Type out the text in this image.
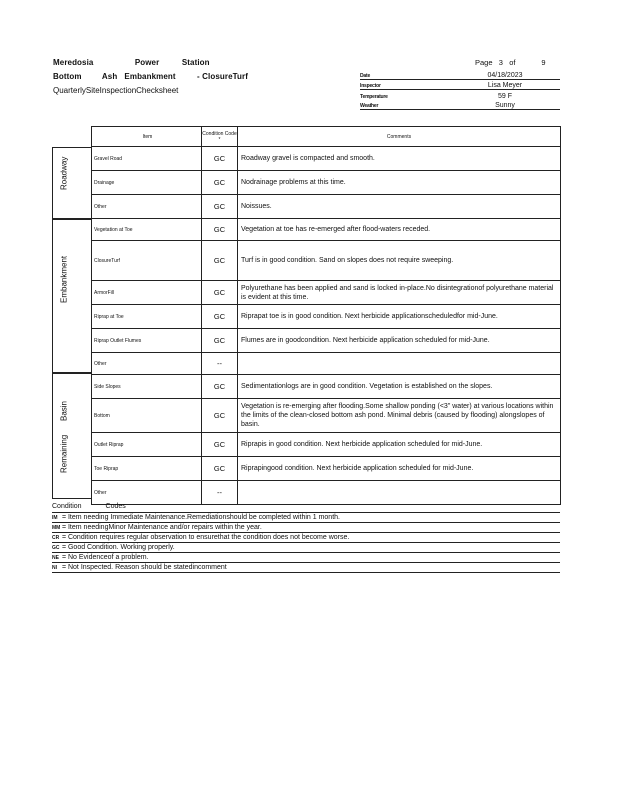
Meredosia	Power	Station
Bottom	Ash Embankment	- ClosureTurf
QuarterlySiteInspectionChecksheet
Page 3 of	9
Date	04/18/2023
Inspector	Lisa Meyer
Temperature	59 F
Weather	Sunny
Roadway
Embankment
Basin
Remaining
Item	Condition Code *	Comments
Gravel Road	GC	Roadway gravel is compacted and smooth.
Drainage	GC	Nodrainage problems at this time.
Other	GC	Noissues.
Vegetation at Toe	GC	Vegetation at toe has re-emerged after flood-waters receded.
ClosureTurf	GC	Turf is in good condition. Sand on slopes does not require sweeping.
ArmorFill	GC	Polyurethane has been applied and sand is locked in-place.No disintegrationof polyurethane material is evident at this time.
Riprap at Toe	GC	Riprapat toe is in good condition. Next herbicide applicationscheduledfor mid-June.
Riprap Outlet Flumes	GC	Flumes are in goodcondition. Next herbicide application scheduled for mid-June.
Other	--	
Side Slopes	GC	Sedimentationlogs are in good condition. Vegetation is established on the slopes.
Bottom	GC	Vegetation is re-emerging after flooding.Some shallow ponding (<3" water) at various locations within the limits of the clean-closed bottom ash pond. Minimal debris (caused by flooding) alongslopes of basin.
Outlet Riprap	GC	Riprapis in good condition. Next herbicide application scheduled for mid-June.
Toe Riprap	GC	Riprapingood condition. Next herbicide application scheduled for mid-June.
Other	--	
Condition	Codes
IM = Item needing Immediate Maintenance.Remediationshould be completed within 1 month.
MM = Item needingMinor Maintenance and/or repairs within the year.
CR = Condition requires regular observation to ensurethat the condition does not become worse.
GC = Good Condition. Working properly.
NE = No Evidenceof a problem.
NI = Not Inspected. Reason should be statedincomment
